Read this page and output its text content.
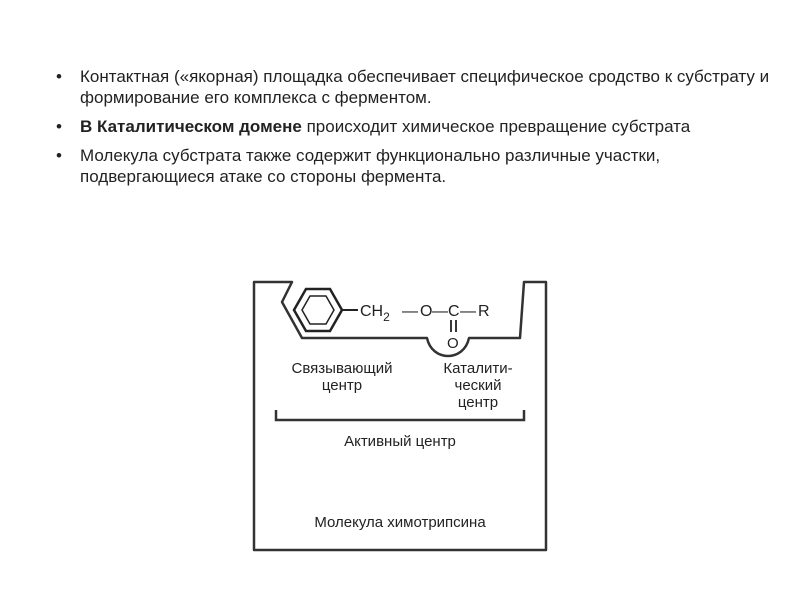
• Контактная («якорная) площадка обеспечивает специфическое сродство к субстрату и формирование его комплекса с ферментом.
• В Каталитическом домене происходит химическое превращение субстрата
• Молекула субстрата также содержит функционально различные участки, подвергающиеся атаке со стороны фермента.
$CH_2$ — O — C — R
O
Связывающий
центр
Каталити-
ческий
центр
Активный центр
Молекула химотрипсина
